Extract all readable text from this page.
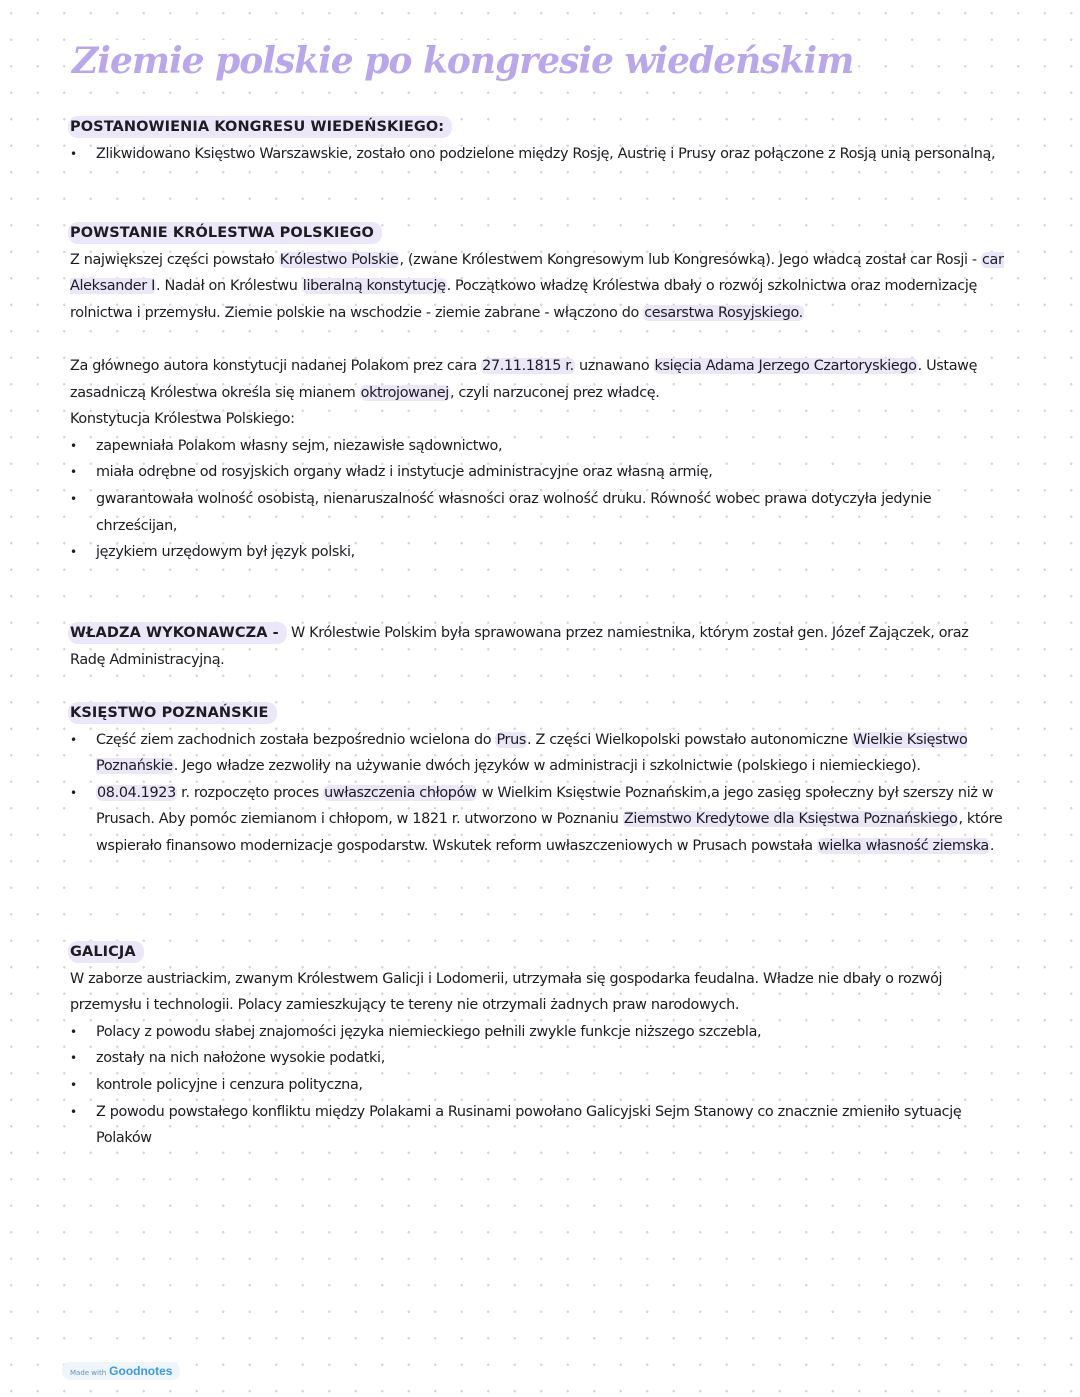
Ziemie polskie po kongresie wiedeńskim
POSTANOWIENIA KONGRESU WIEDEŃSKIEGO:
• Zlikwidowano Księstwo Warszawskie, zostało ono podzielone między Rosję, Austrię i Prusy oraz połączone z Rosją unią personalną,
POWSTANIE KRÓLESTWA POLSKIEGO

Z największej części powstało Królestwo Polskie, (zwane Królestwem Kongresowym lub Kongresówką). Jego władcą został car Rosji - car Aleksander I. Nadał on Królestwu liberalną konstytucję. Początkowo władzę Królestwa dbały o rozwój szkolnictwa oraz modernizację rolnictwa i przemysłu. Ziemie polskie na wschodzie - ziemie zabrane - włączono do cesarstwa Rosyjskiego.

Za głównego autora konstytucji nadanej Polakom prez cara 27.11.1815 r. uznawano księcia Adama Jerzego Czartoryskiego. Ustawę zasadniczą Królestwa określa się mianem oktrojowanej, czyli narzuconej prez władcę.

Konstytucja Królestwa Polskiego:

• zapewniała Polakom własny sejm, niezawisłe sądownictwo,
• miała odrębne od rosyjskich organy władz i instytucje administracyjne oraz własną armię,
• gwarantowała wolność osobistą, nienaruszalność własności oraz wolność druku. Równość wobec prawa dotyczyła jedynie chrześcijan,
• językiem urzędowym był język polski,

WŁADZA WYKONAWCZA - W Królestwie Polskim była sprawowana przez namiestnika, którym został gen. Józef Zajączek, oraz Radę Administracyjną.

KSIĘSTWO POZNAŃSKIE
• Część ziem zachodnich została bezpośrednio wcielona do Prus. Z części Wielkopolski powstało autonomiczne Wielkie Księstwo Poznańskie. Jego władze zezwoliły na używanie dwóch języków w administracji i szkolnictwie (polskiego i niemieckiego).
• 08.04.1923 r. rozpoczęto proces uwłaszczenia chłopów w Wielkim Księstwie Poznańskim,a jego zasięg społeczny był szerszy niż w Prusach. Aby pomóc ziemianom i chłopom, w 1821 r. utworzono w Poznaniu Ziemstwo Kredytowe dla Księstwa Poznańskiego, które wspierało finansowo modernizacje gospodarstw. Wskutek reform uwłaszczeniowych w Prusach powstała wielka własność ziemska.
GALICJA

W zaborze austriackim, zwanym Królestwem Galicji i Lodomerii, utrzymała się gospodarka feudalna. Władze nie dbały o rozwój przemysłu i technologii. Polacy zamieszkujący te tereny nie otrzymali żadnych praw narodowych.

• Polacy z powodu słabej znajomości języka niemieckiego pełnili zwykle funkcje niższego szczebla,
• zostały na nich nałożone wysokie podatki,
• kontrole policyjne i cenzura polityczna,
• Z powodu powstałego konfliktu między Polakami a Rusinami powołano Galicyjski Sejm Stanowy co znacznie zmieniło sytuację Polaków
Made with Goodnotes
